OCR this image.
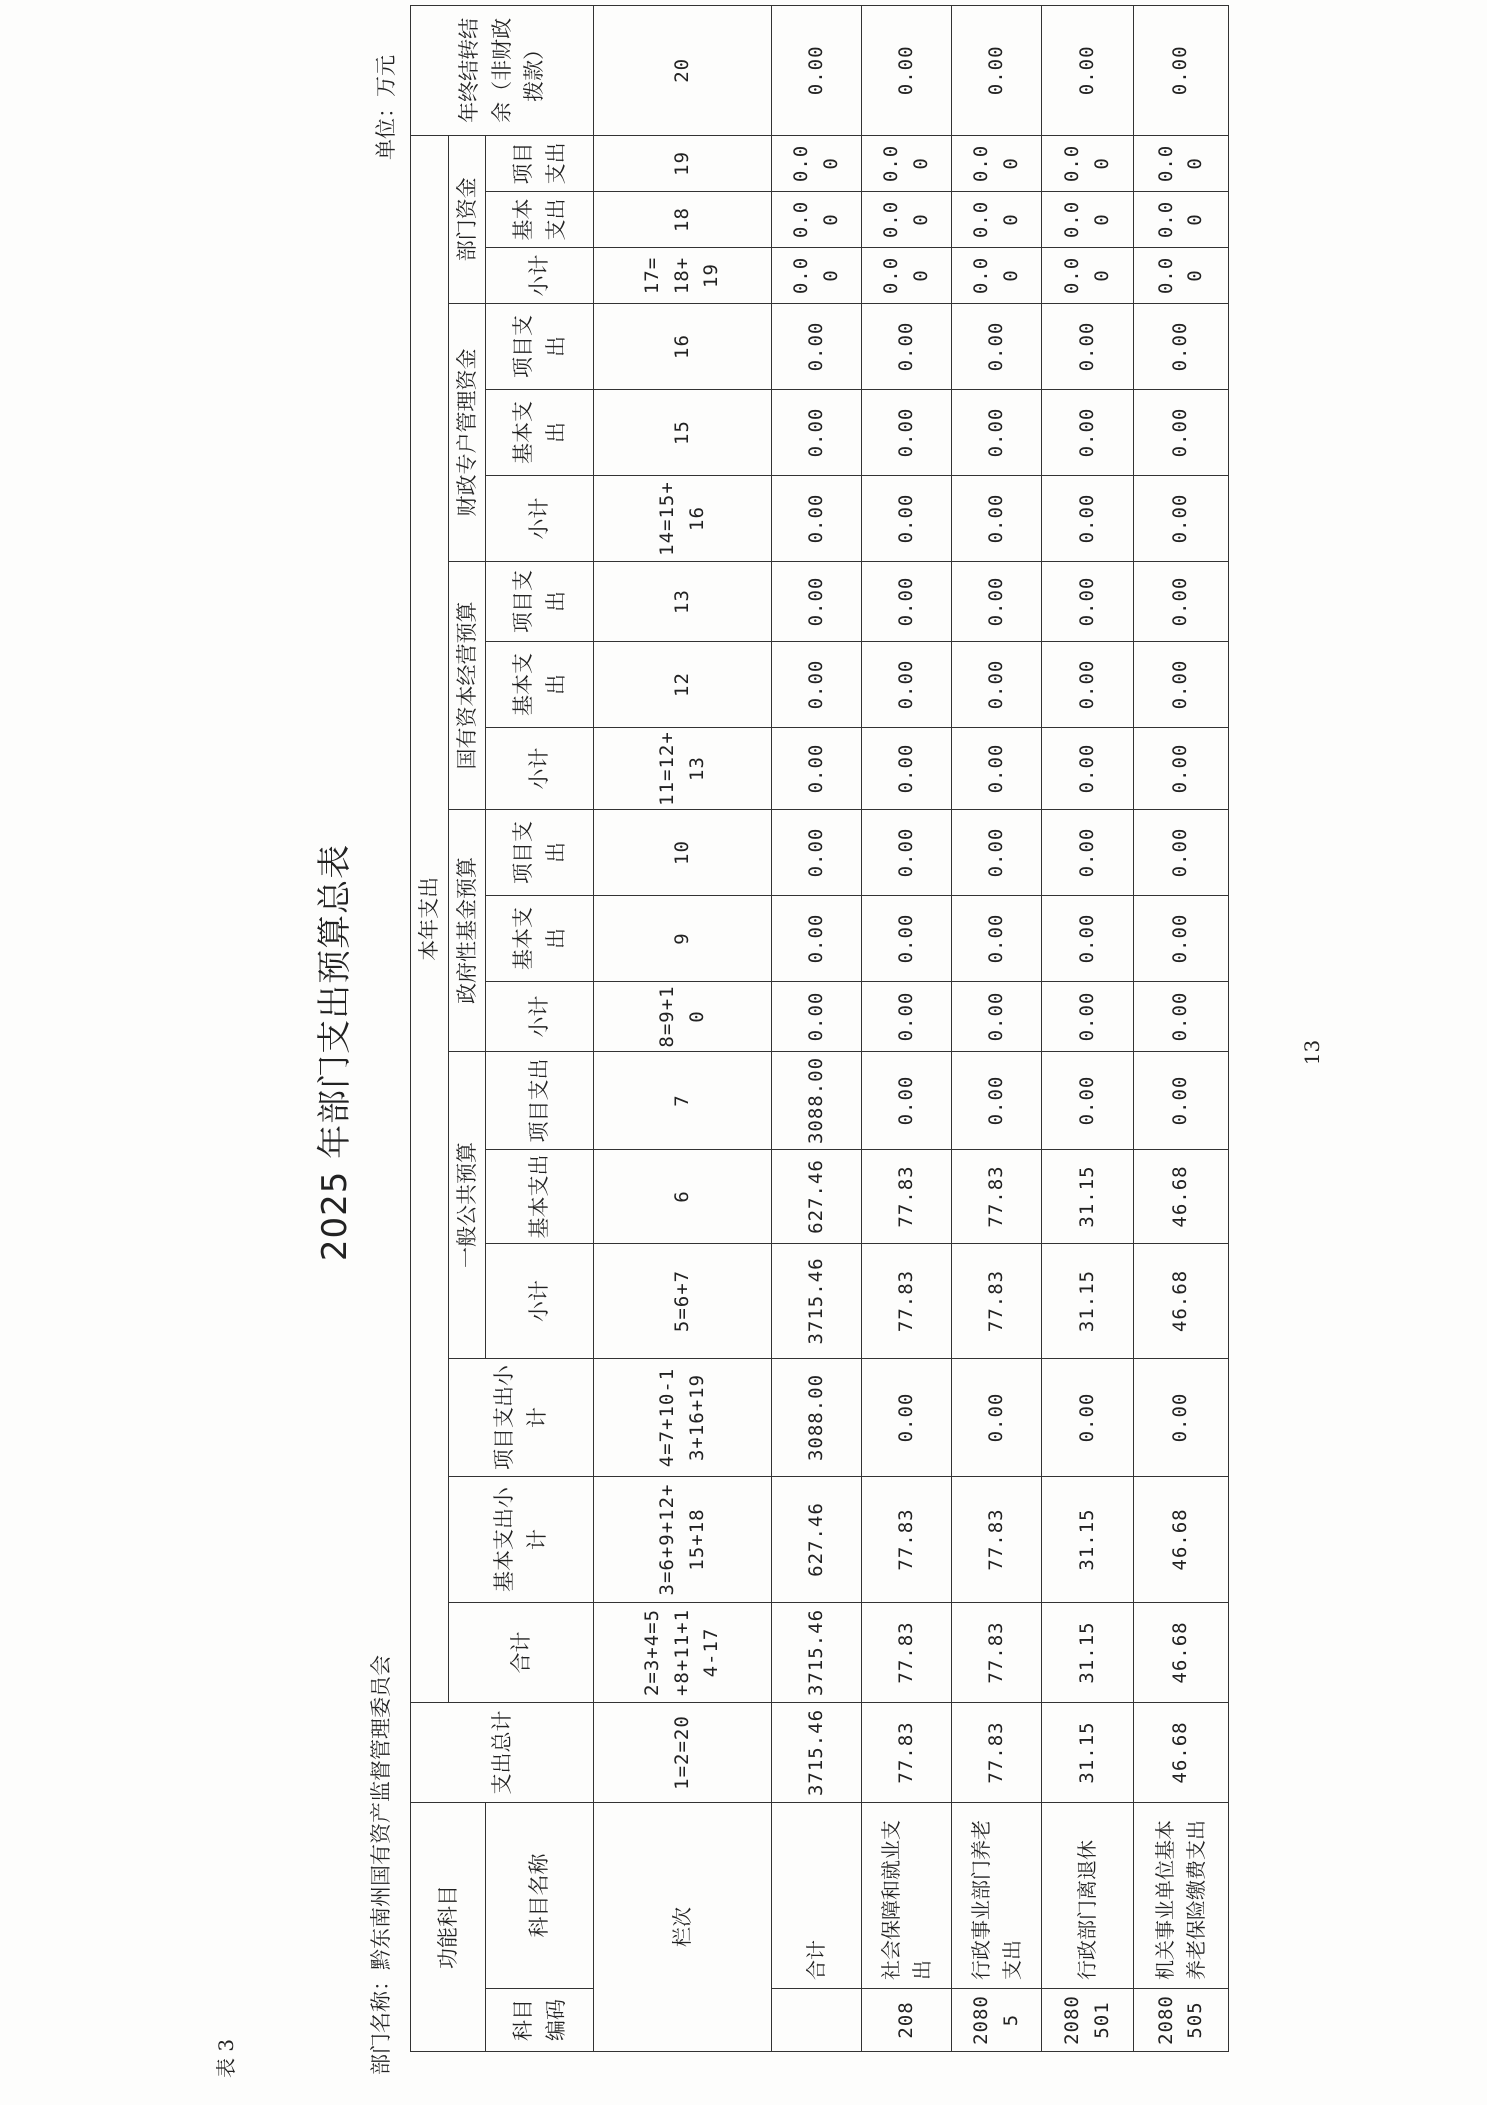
表 3
2025 年部门支出预算总表
部门名称：黔东南州国有资产监督管理委员会
单位：万元
功能科目		支出总计	本年支出																		年终结转结余（非财政拨款）
			合计	基本支出小计	项目支出小计	一般公共预算			政府性基金预算			国有资本经营预算			财政专户管理资金			部门资金			
科目编码	科目名称					小计	基本支出	项目支出	小计	基本支出	项目支出	小计	基本支出	项目支出	小计	基本支出	项目支出	小计	基本支出	项目支出	
栏次		1=2=20	2=3+4=5+8+11+14-17	3=6+9+12+15+18	4=7+10-13+16+19	5=6+7	6	7	8=9+10	9	10	11=12+13	12	13	14=15+16	15	16	17=18+19	18	19	20
	合计	3715.46	3715.46	627.46	3088.00	3715.46	627.46	3088.00	0.00	0.00	0.00	0.00	0.00	0.00	0.00	0.00	0.00	0.00	0.00	0.00	0.00
208	社会保障和就业支出	77.83	77.83	77.83	0.00	77.83	77.83	0.00	0.00	0.00	0.00	0.00	0.00	0.00	0.00	0.00	0.00	0.00	0.00	0.00	0.00
20805	行政事业部门养老支出	77.83	77.83	77.83	0.00	77.83	77.83	0.00	0.00	0.00	0.00	0.00	0.00	0.00	0.00	0.00	0.00	0.00	0.00	0.00	0.00
2080501	行政部门离退休	31.15	31.15	31.15	0.00	31.15	31.15	0.00	0.00	0.00	0.00	0.00	0.00	0.00	0.00	0.00	0.00	0.00	0.00	0.00	0.00
2080505	机关事业单位基本养老保险缴费支出	46.68	46.68	46.68	0.00	46.68	46.68	0.00	0.00	0.00	0.00	0.00	0.00	0.00	0.00	0.00	0.00	0.00	0.00	0.00	0.00
13
